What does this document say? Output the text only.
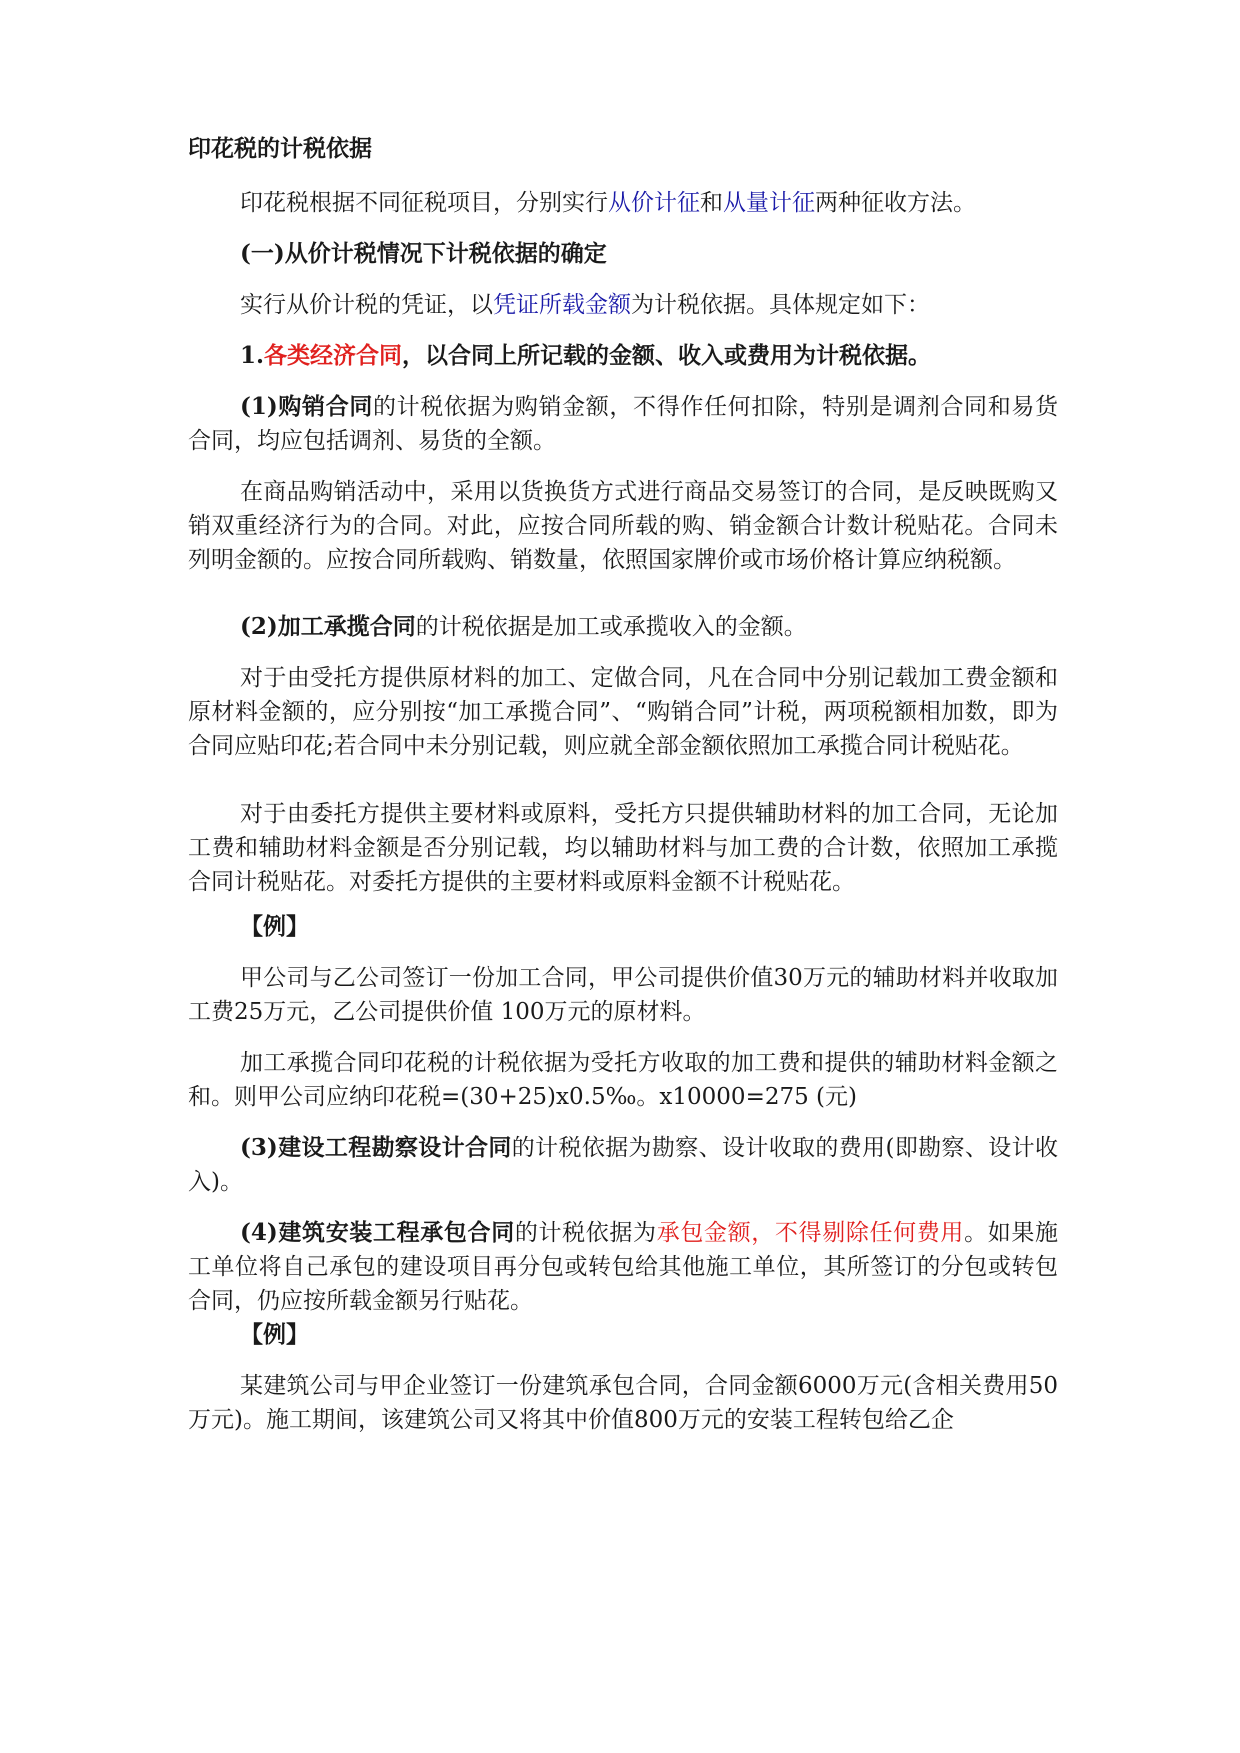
印花税的计税依据

印花税根据不同征税项目，分别实行从价计征和从量计征两种征收方法。

(一)从价计税情况下计税依据的确定

实行从价计税的凭证，以凭证所载金额为计税依据。具体规定如下：

1.各类经济合同，以合同上所记载的金额、收入或费用为计税依据。

(1)购销合同的计税依据为购销金额，不得作任何扣除，特别是调剂合同和易货合同，均应包括调剂、易货的全额。

在商品购销活动中，采用以货换货方式进行商品交易签订的合同，是反映既购又销双重经济行为的合同。对此，应按合同所载的购、销金额合计数计税贴花。合同未列明金额的。应按合同所载购、销数量，依照国家牌价或市场价格计算应纳税额。

(2)加工承揽合同的计税依据是加工或承揽收入的金额。

对于由受托方提供原材料的加工、定做合同，凡在合同中分别记载加工费金额和原材料金额的，应分别按“加工承揽合同”、“购销合同”计税，两项税额相加数，即为合同应贴印花;若合同中未分别记载，则应就全部金额依照加工承揽合同计税贴花。

对于由委托方提供主要材料或原料，受托方只提供辅助材料的加工合同，无论加工费和辅助材料金额是否分别记载，均以辅助材料与加工费的合计数，依照加工承揽合同计税贴花。对委托方提供的主要材料或原料金额不计税贴花。

【例】

甲公司与乙公司签订一份加工合同，甲公司提供价值30万元的辅助材料并收取加工费25万元，乙公司提供价值 100万元的原材料。

加工承揽合同印花税的计税依据为受托方收取的加工费和提供的辅助材料金额之和。则甲公司应纳印花税=(30+25)x0.5‰。x10000=275 (元)

(3)建设工程勘察设计合同的计税依据为勘察、设计收取的费用(即勘察、设计收入)。

(4)建筑安装工程承包合同的计税依据为承包金额，不得剔除任何费用。如果施工单位将自己承包的建设项目再分包或转包给其他施工单位，其所签订的分包或转包合同，仍应按所载金额另行贴花。

【例】

某建筑公司与甲企业签订一份建筑承包合同，合同金额6000万元(含相关费用50万元)。施工期间，该建筑公司又将其中价值800万元的安装工程转包给乙企
